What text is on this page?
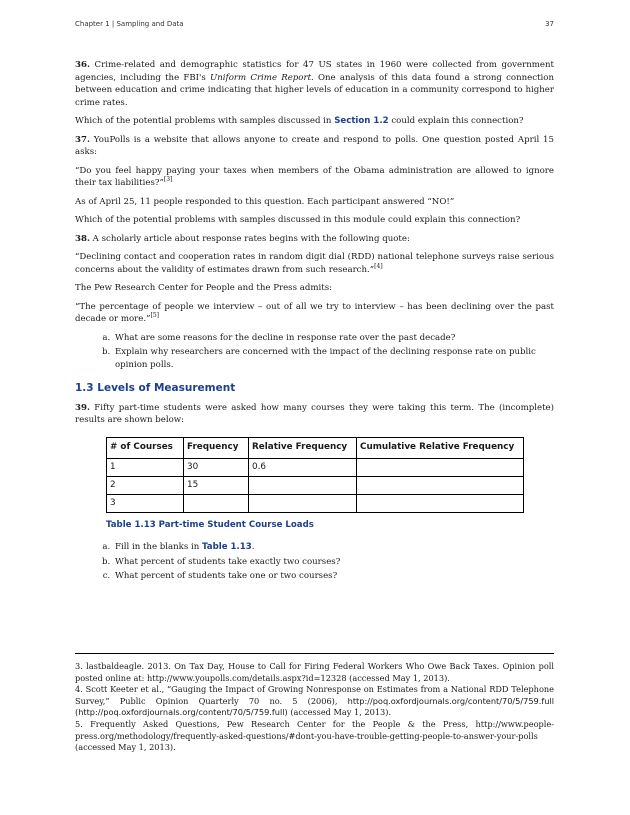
Chapter 1 | Sampling and Data	37

36. Crime-related and demographic statistics for 47 US states in 1960 were collected from government agencies, including the FBI's Uniform Crime Report. One analysis of this data found a strong connection between education and crime indicating that higher levels of education in a community correspond to higher crime rates.

Which of the potential problems with samples discussed in Section 1.2 could explain this connection?

37. YouPolls is a website that allows anyone to create and respond to polls. One question posted April 15 asks:

“Do you feel happy paying your taxes when members of the Obama administration are allowed to ignore their tax liabilities?”[3]

As of April 25, 11 people responded to this question. Each participant answered “NO!”

Which of the potential problems with samples discussed in this module could explain this connection?

38. A scholarly article about response rates begins with the following quote:

“Declining contact and cooperation rates in random digit dial (RDD) national telephone surveys raise serious concerns about the validity of estimates drawn from such research.”[4]

The Pew Research Center for People and the Press admits:

“The percentage of people we interview – out of all we try to interview – has been declining over the past decade or more.”[5]

a. What are some reasons for the decline in response rate over the past decade?
b. Explain why researchers are concerned with the impact of the declining response rate on public opinion polls.
1.3 Levels of Measurement

39. Fifty part-time students were asked how many courses they were taking this term. The (incomplete) results are shown below:

# of Courses	Frequency	Relative Frequency	Cumulative Relative Frequency
1	30	0.6	
2	15		
3			
Table 1.13 Part-time Student Course Loads
a. Fill in the blanks in Table 1.13.
b. What percent of students take exactly two courses?
c. What percent of students take one or two courses?

3. lastbaldeagle. 2013. On Tax Day, House to Call for Firing Federal Workers Who Owe Back Taxes. Opinion poll posted online at: http://www.youpolls.com/details.aspx?id=12328 (accessed May 1, 2013).

4. Scott Keeter et al., “Gauging the Impact of Growing Nonresponse on Estimates from a National RDD Telephone Survey,” Public Opinion Quarterly 70 no. 5 (2006), http://poq.oxfordjournals.org/content/70/5/759.full (http://poq.oxfordjournals.org/content/70/5/759.full) (accessed May 1, 2013).

5. Frequently Asked Questions, Pew Research Center for the People & the Press, http://www.people-press.org/methodology/frequently-asked-questions/#dont-you-have-trouble-getting-people-to-answer-your-polls (accessed May 1, 2013).
